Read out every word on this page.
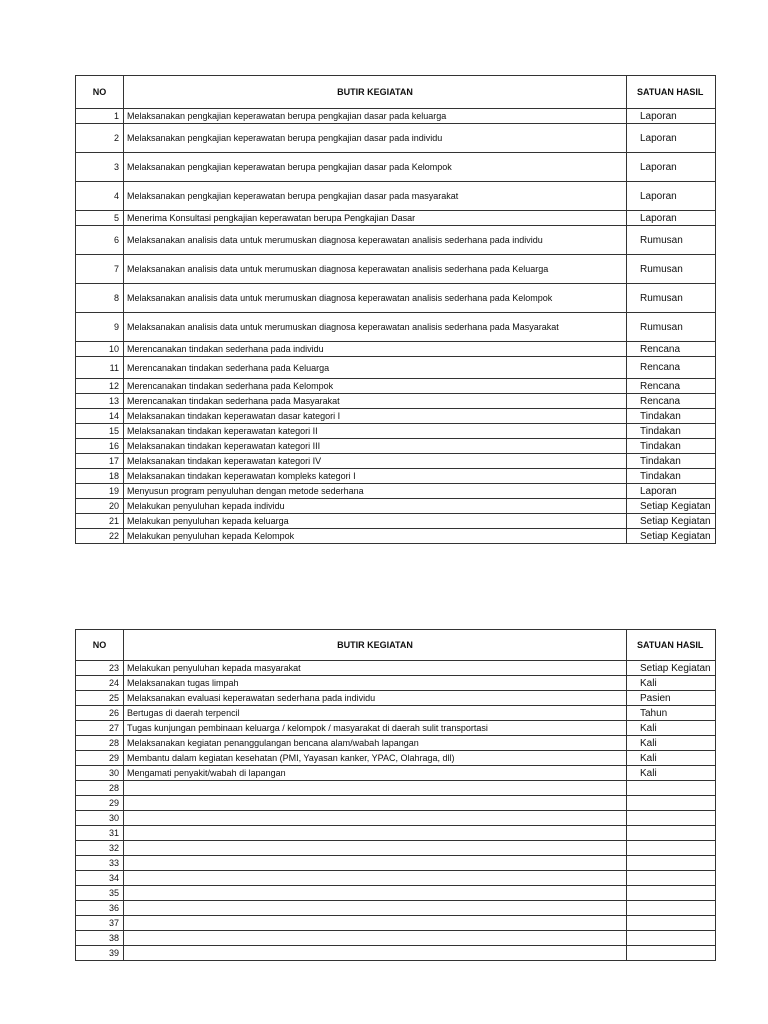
NO	BUTIR KEGIATAN	SATUAN HASIL
1	Melaksanakan pengkajian keperawatan berupa pengkajian dasar pada keluarga	Laporan
2	Melaksanakan pengkajian keperawatan berupa pengkajian dasar pada individu	Laporan
3	Melaksanakan pengkajian keperawatan berupa pengkajian dasar pada Kelompok	Laporan
4	Melaksanakan pengkajian keperawatan berupa pengkajian dasar pada masyarakat	Laporan
5	Menerima Konsultasi pengkajian keperawatan berupa Pengkajian Dasar	Laporan
6	Melaksanakan analisis data untuk merumuskan diagnosa keperawatan analisis sederhana pada individu	Rumusan
7	Melaksanakan analisis data untuk merumuskan diagnosa keperawatan analisis sederhana pada Keluarga	Rumusan
8	Melaksanakan analisis data untuk merumuskan diagnosa keperawatan analisis sederhana pada Kelompok	Rumusan
9	Melaksanakan analisis data untuk merumuskan diagnosa keperawatan analisis sederhana pada Masyarakat	Rumusan
10	Merencanakan tindakan sederhana pada individu	Rencana
11	Merencanakan tindakan sederhana pada Keluarga	Rencana
12	Merencanakan tindakan sederhana pada Kelompok	Rencana
13	Merencanakan tindakan sederhana pada Masyarakat	Rencana
14	Melaksanakan tindakan keperawatan dasar kategori I	Tindakan
15	Melaksanakan tindakan keperawatan kategori II	Tindakan
16	Melaksanakan tindakan keperawatan kategori III	Tindakan
17	Melaksanakan tindakan keperawatan kategori IV	Tindakan
18	Melaksanakan tindakan keperawatan kompleks kategori I	Tindakan
19	Menyusun program penyuluhan dengan metode sederhana	Laporan
20	Melakukan penyuluhan kepada individu	Setiap Kegiatan
21	Melakukan penyuluhan kepada keluarga	Setiap Kegiatan
22	Melakukan penyuluhan kepada Kelompok	Setiap Kegiatan
NO	BUTIR KEGIATAN	SATUAN HASIL
23	Melakukan penyuluhan kepada masyarakat	Setiap Kegiatan
24	Melaksanakan tugas limpah	Kali
25	Melaksanakan evaluasi keperawatan sederhana pada individu	Pasien
26	Bertugas di daerah terpencil	Tahun
27	Tugas kunjungan pembinaan keluarga / kelompok / masyarakat di daerah sulit transportasi	Kali
28	Melaksanakan kegiatan penanggulangan bencana alam/wabah lapangan	Kali
29	Membantu dalam kegiatan kesehatan (PMI, Yayasan kanker, YPAC, Olahraga, dll)	Kali
30	Mengamati penyakit/wabah di lapangan	Kali
28		
29		
30		
31		
32		
33		
34		
35		
36		
37		
38		
39		
